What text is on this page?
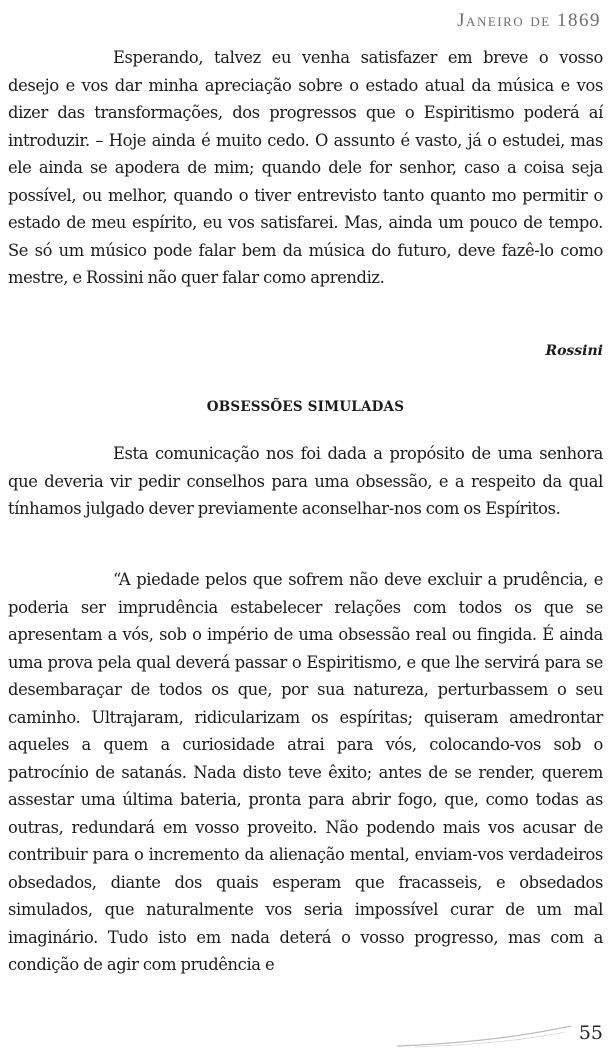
Janeiro de 1869

Esperando, talvez eu venha satisfazer em breve o vosso desejo e vos dar minha apreciação sobre o estado atual da música e vos dizer das transformações, dos progressos que o Espiritismo poderá aí introduzir. – Hoje ainda é muito cedo. O assunto é vasto, já o estudei, mas ele ainda se apodera de mim; quando dele for senhor, caso a coisa seja possível, ou melhor, quando o tiver entrevisto tanto quanto mo permitir o estado de meu espírito, eu vos satisfarei. Mas, ainda um pouco de tempo. Se só um músico pode falar bem da música do futuro, deve fazê-lo como mestre, e Rossini não quer falar como aprendiz.

Rossini
OBSESSÕES SIMULADAS

Esta comunicação nos foi dada a propósito de uma senhora que deveria vir pedir conselhos para uma obsessão, e a respeito da qual tínhamos julgado dever previamente aconselhar-nos com os Espíritos.

“A piedade pelos que sofrem não deve excluir a prudência, e poderia ser imprudência estabelecer relações com todos os que se apresentam a vós, sob o império de uma obsessão real ou fingida. É ainda uma prova pela qual deverá passar o Espiritismo, e que lhe servirá para se desembaraçar de todos os que, por sua natureza, perturbassem o seu caminho. Ultrajaram, ridicularizam os espíritas; quiseram amedrontar aqueles a quem a curiosidade atrai para vós, colocando-vos sob o patrocínio de satanás. Nada disto teve êxito; antes de se render, querem assestar uma última bateria, pronta para abrir fogo, que, como todas as outras, redundará em vosso proveito. Não podendo mais vos acusar de contribuir para o incremento da alienação mental, enviam-vos verdadeiros obsedados, diante dos quais esperam que fracasseis, e obsedados simulados, que naturalmente vos seria impossível curar de um mal imaginário. Tudo isto em nada deterá o vosso progresso, mas com a condição de agir com prudência e

55
